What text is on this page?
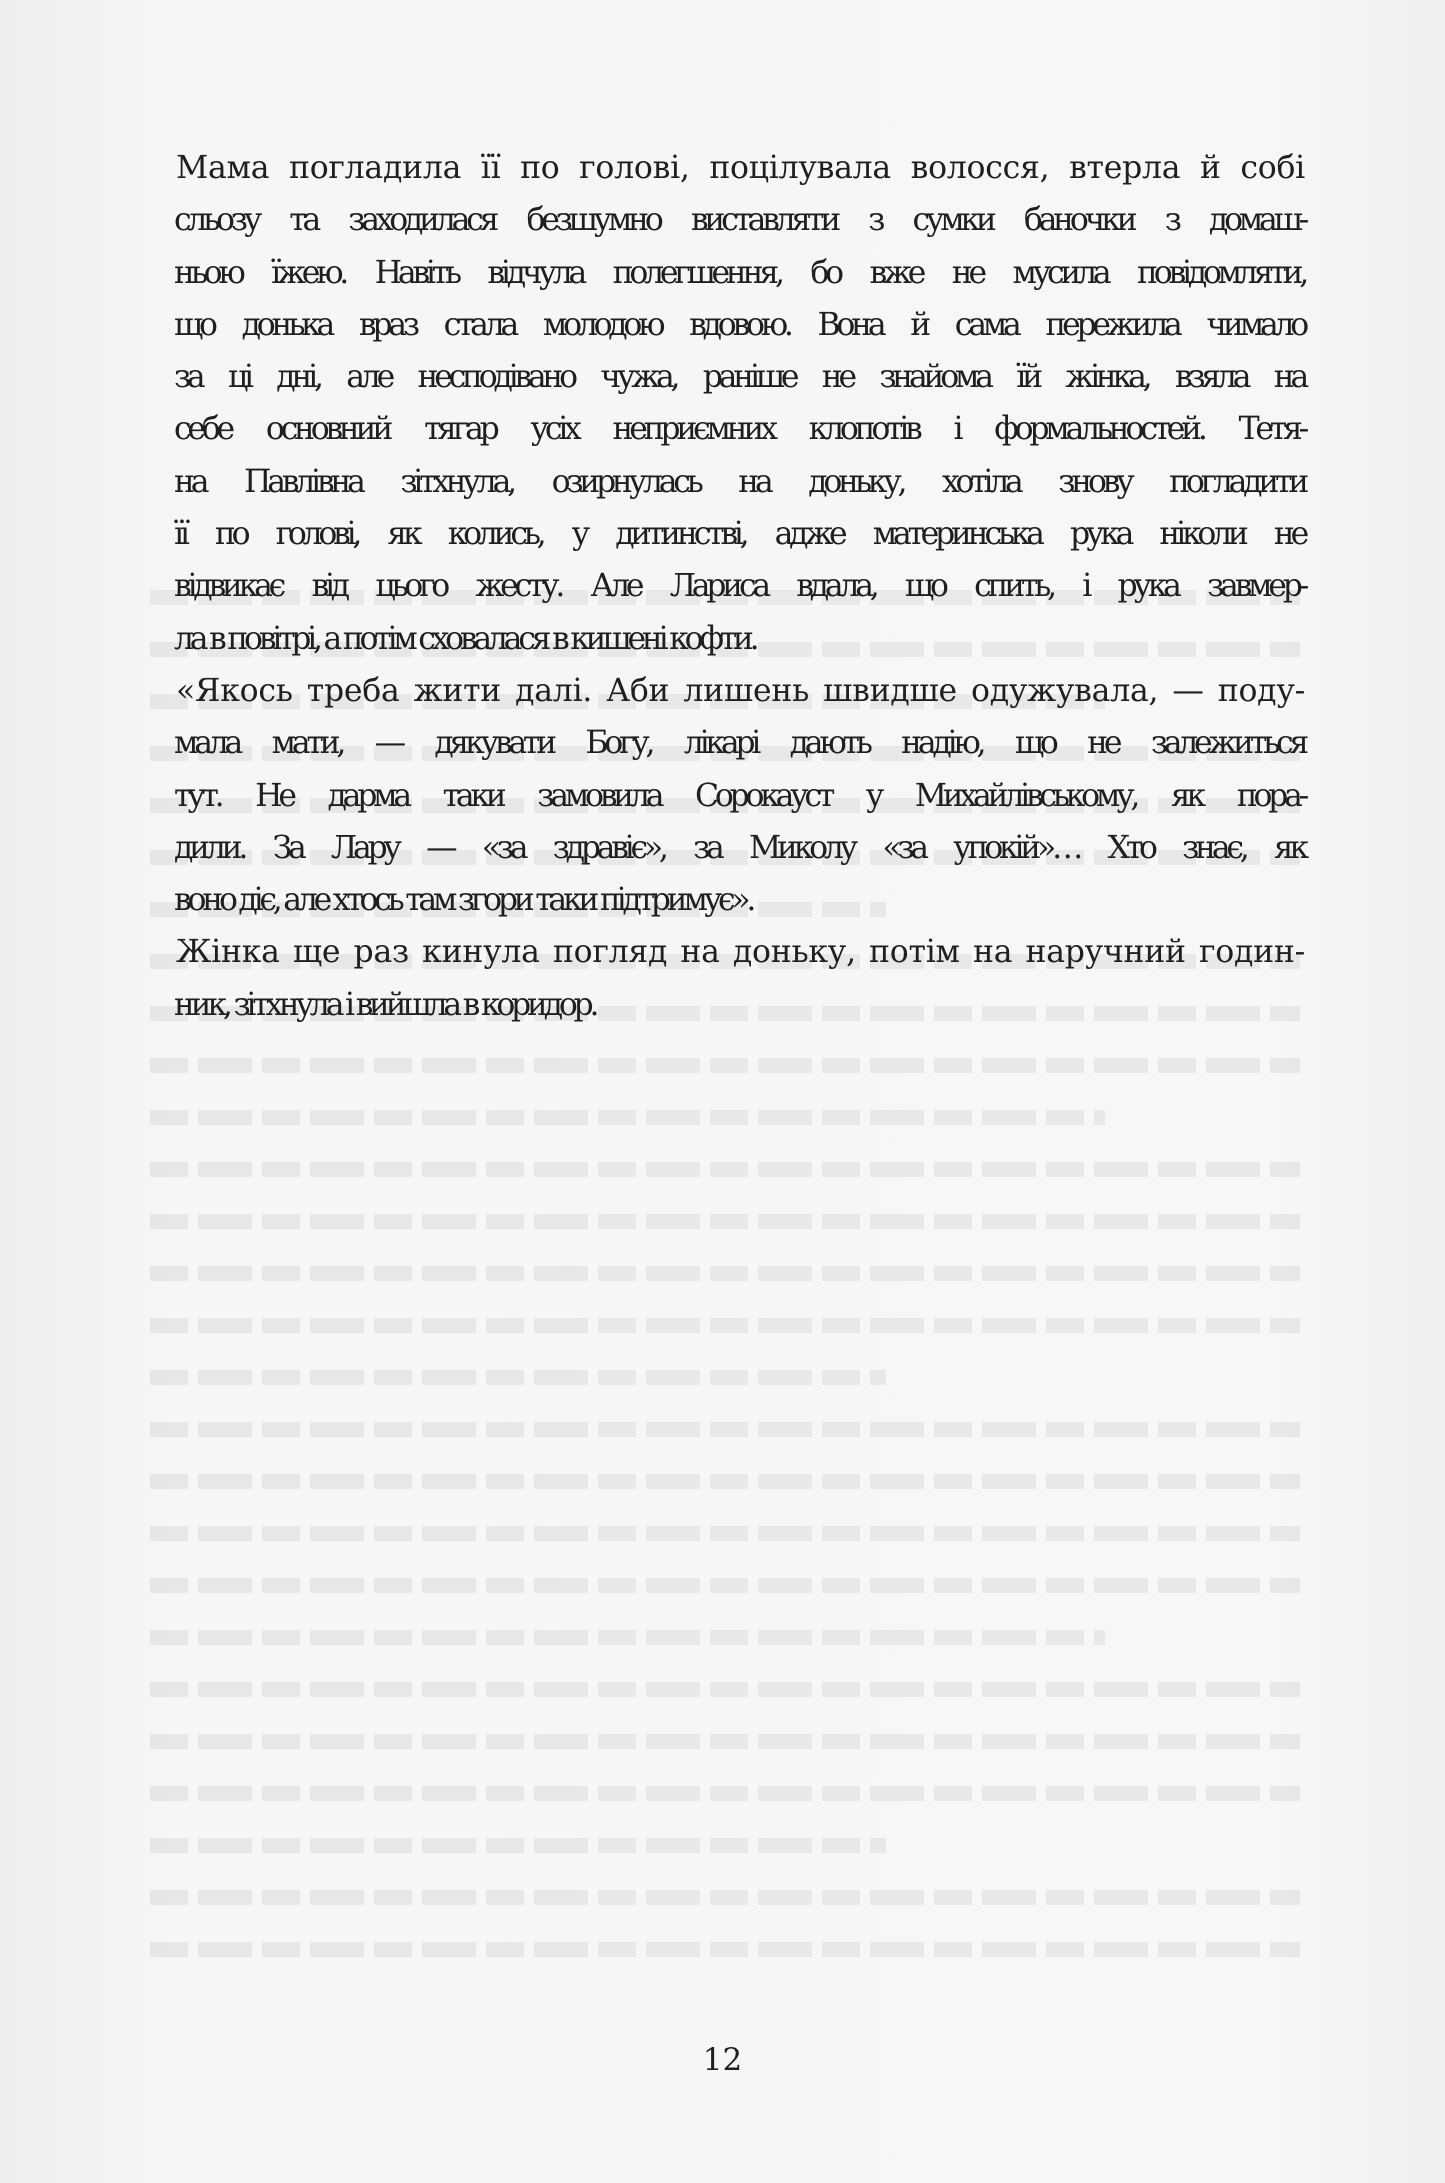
Мама погладила її по голові, поцілувала волосся, втерла й собі
сльозу та заходилася безшумно виставляти з сумки баночки з домаш-
ньою їжею. Навіть відчула полегшення, бо вже не мусила повідомляти,
що донька враз стала молодою вдовою. Вона й сама пережила чимало
за ці дні, але несподівано чужа, раніше не знайома їй жінка, взяла на
себе основний тягар усіх неприємних клопотів і формальностей. Тетя-
на Павлівна зітхнула, озирнулась на доньку, хотіла знову погладити
її по голові, як колись, у дитинстві, адже материнська рука ніколи не
відвикає від цього жесту. Але Лариса вдала, що спить, і рука завмер-
ла в повітрі, а потім сховалася в кишені кофти.

«Якось треба жити далі. Аби лишень швидше одужувала, — поду-
мала мати, — дякувати Богу, лікарі дають надію, що не залежиться
тут. Не дарма таки замовила Сорокауст у Михайлівському, як пора-
дили. За Лару — «за здравіє», за Миколу «за упокій»… Хто знає, як
воно діє, але хтось там згори таки підтримує».

Жінка ще раз кинула погляд на доньку, потім на наручний годин-
ник, зітхнула і вийшла в коридор.

12
